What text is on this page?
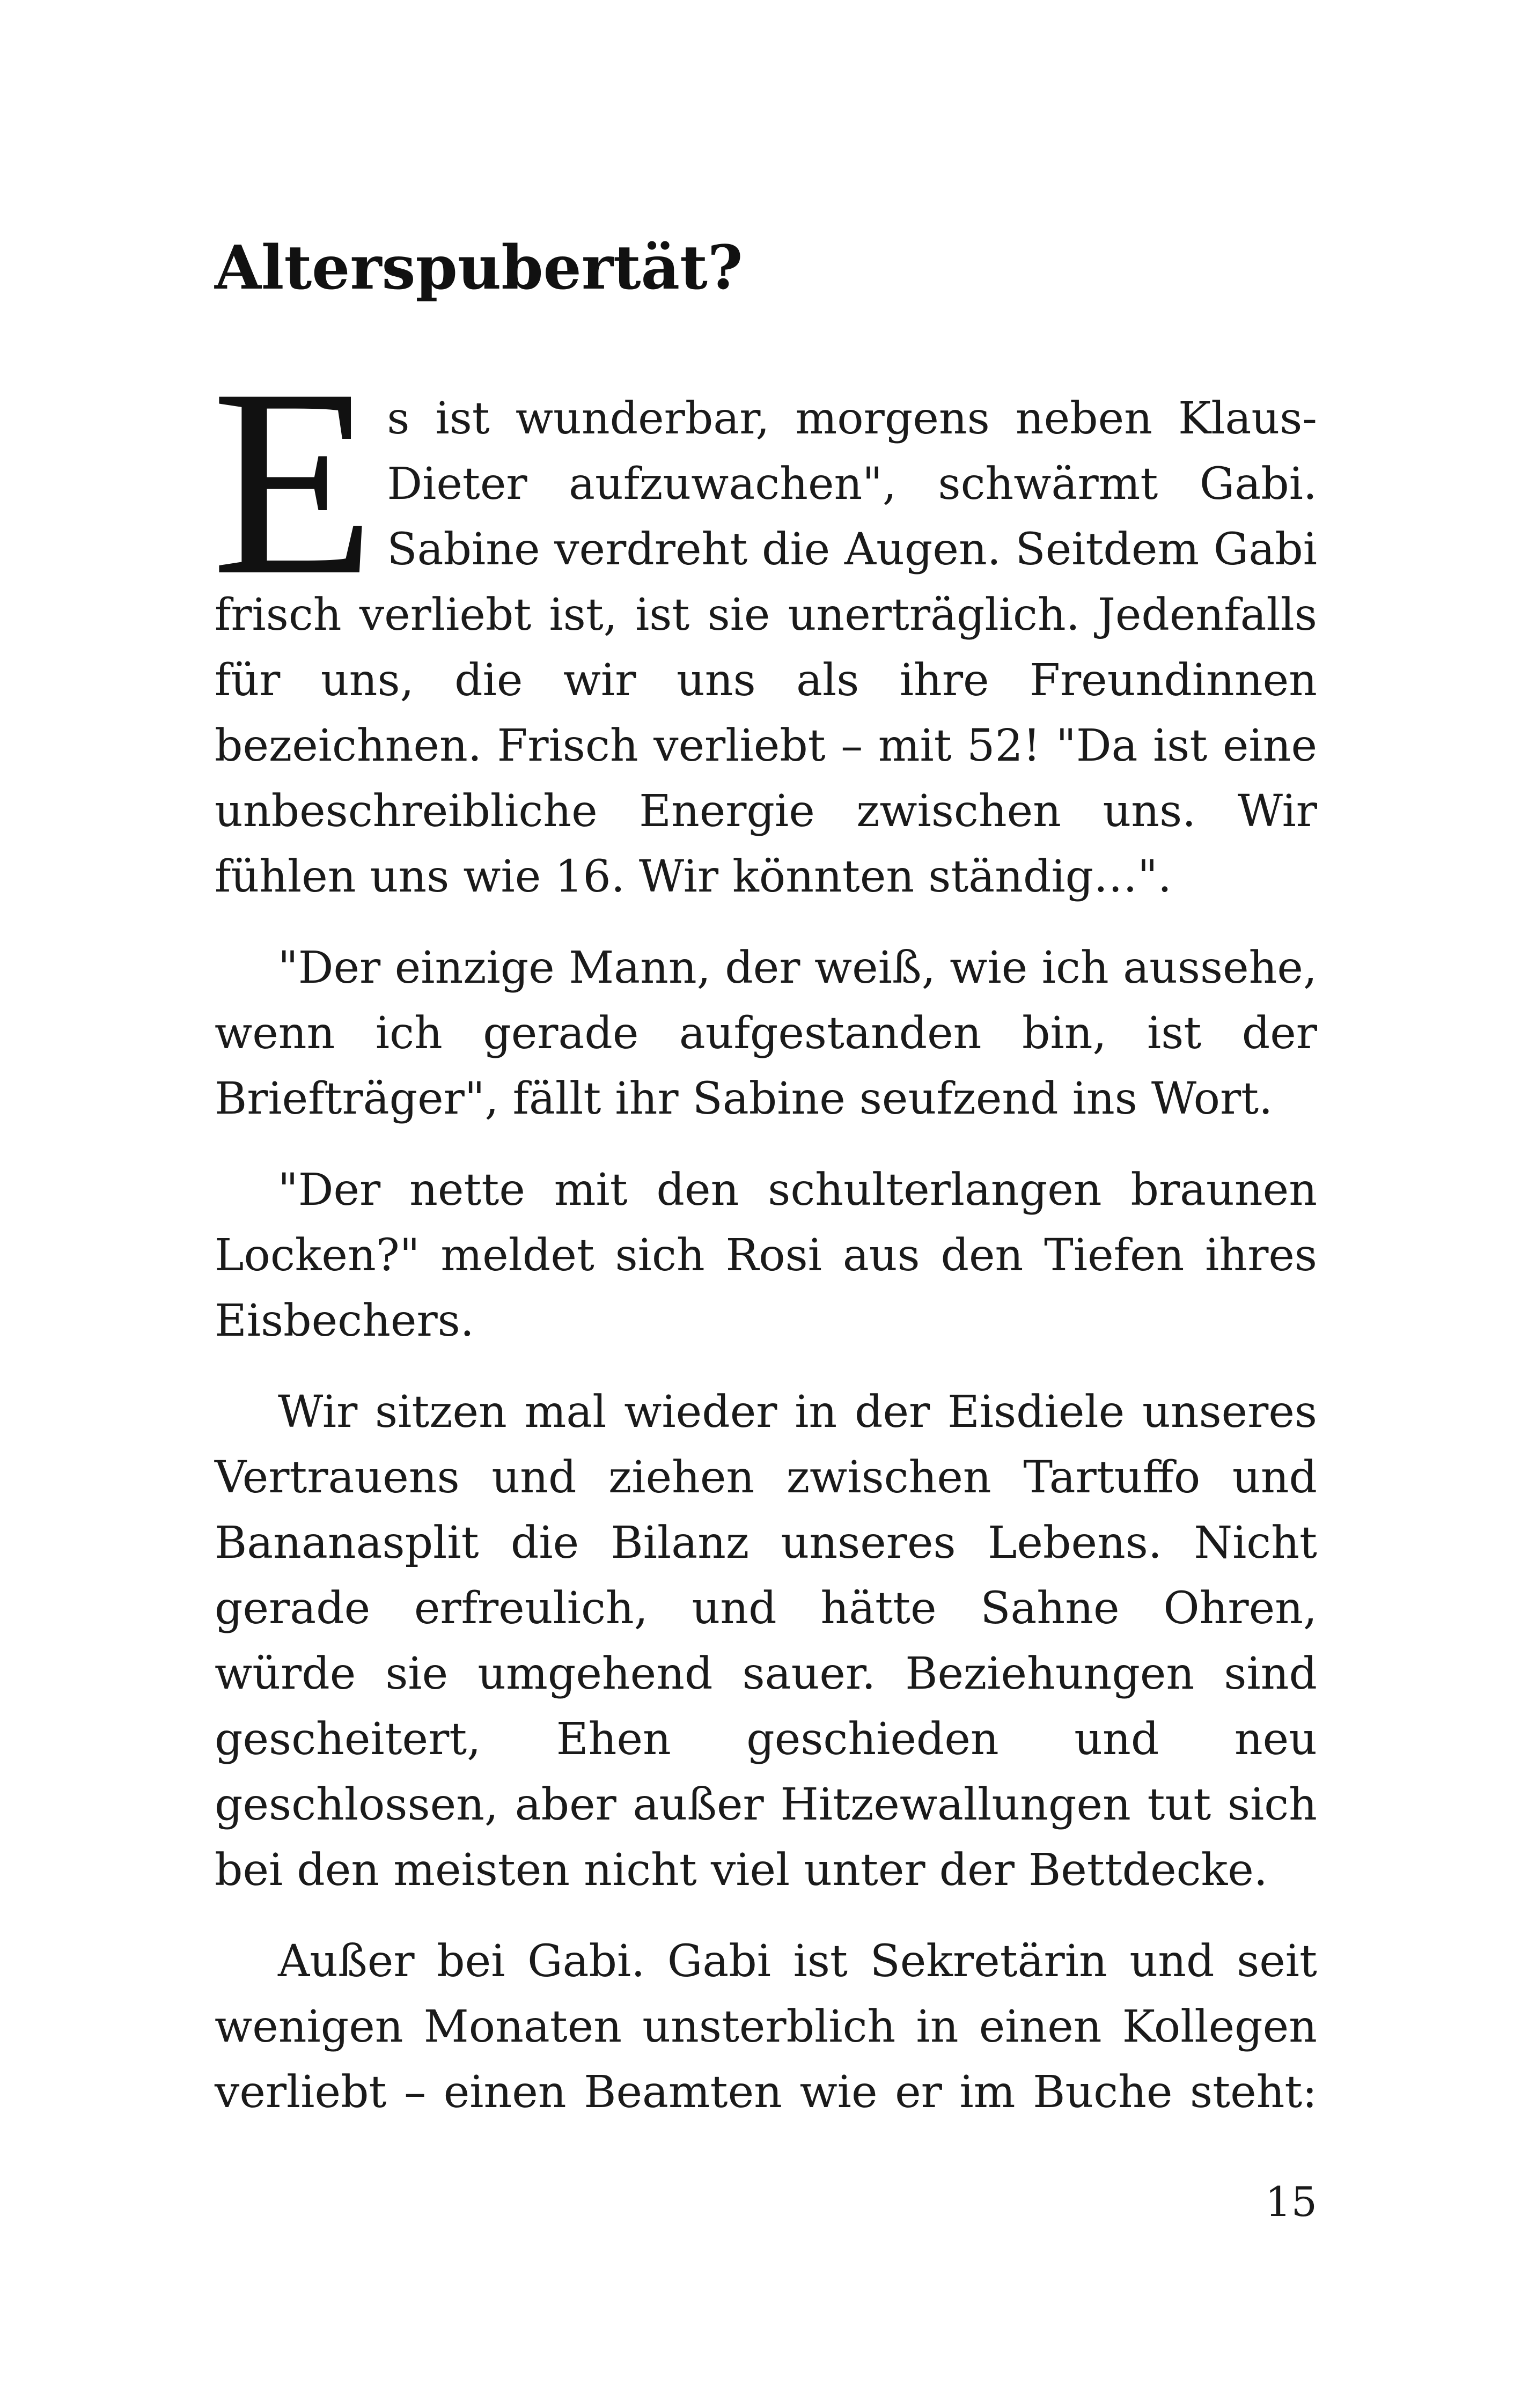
Alterspubertät?

Es ist wunderbar, morgens neben Klaus-Dieter aufzuwachen", schwärmt Gabi. Sabine verdreht die Augen. Seitdem Gabi frisch verliebt ist, ist sie unerträglich. Jedenfalls für uns, die wir uns als ihre Freundinnen bezeichnen. Frisch verliebt – mit 52! "Da ist eine unbeschreibliche Energie zwischen uns. Wir fühlen uns wie 16. Wir könnten ständig…".

"Der einzige Mann, der weiß, wie ich aussehe, wenn ich gerade aufgestanden bin, ist der Briefträger", fällt ihr Sabine seufzend ins Wort.

"Der nette mit den schulterlangen braunen Locken?" meldet sich Rosi aus den Tiefen ihres Eisbechers.

Wir sitzen mal wieder in der Eisdiele unseres Vertrauens und ziehen zwischen Tartuffo und Bananasplit die Bilanz unseres Lebens. Nicht gerade erfreulich, und hätte Sahne Ohren, würde sie umgehend sauer. Beziehungen sind gescheitert, Ehen geschieden und neu geschlossen, aber außer Hitzewallungen tut sich bei den meisten nicht viel unter der Bettdecke.

Außer bei Gabi. Gabi ist Sekretärin und seit wenigen Monaten unsterblich in einen Kollegen verliebt – einen Beamten wie er im Buche steht:

15
